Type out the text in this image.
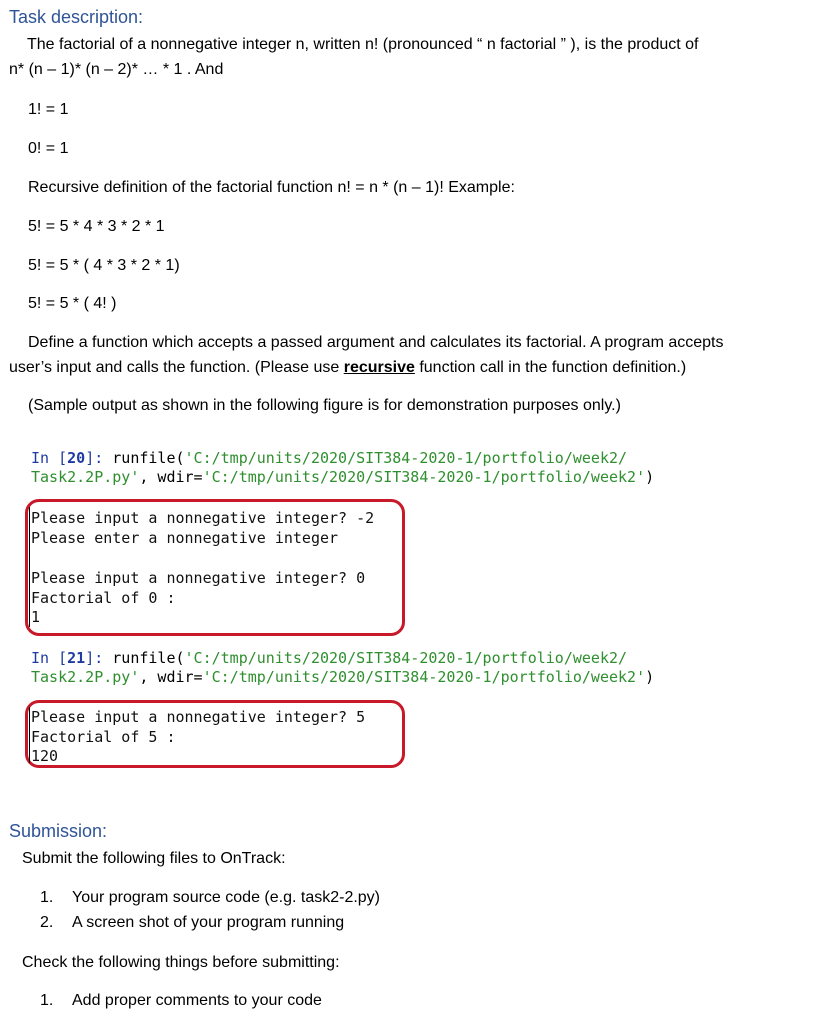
Task description:
The factorial of a nonnegative integer n, written n! (pronounced “ n factorial ” ), is the product of
n* (n – 1)* (n – 2)* … * 1 . And
1! = 1
0! = 1
Recursive definition of the factorial function n! = n * (n – 1)! Example:
5! = 5 * 4 * 3 * 2 * 1
5! = 5 * ( 4 * 3 * 2 * 1)
5! = 5 * ( 4! )
Define a function which accepts a passed argument and calculates its factorial. A program accepts
user’s input and calls the function. (Please use recursive function call in the function definition.)
(Sample output as shown in the following figure is for demonstration purposes only.)
In [20]: runfile('C:/tmp/units/2020/SIT384-2020-1/portfolio/week2/
Task2.2P.py', wdir='C:/tmp/units/2020/SIT384-2020-1/portfolio/week2')
Please input a nonnegative integer? -2
Please enter a nonnegative integer
Please input a nonnegative integer? 0
Factorial of 0 :
1
In [21]: runfile('C:/tmp/units/2020/SIT384-2020-1/portfolio/week2/
Task2.2P.py', wdir='C:/tmp/units/2020/SIT384-2020-1/portfolio/week2')
Please input a nonnegative integer? 5
Factorial of 5 :
120
Submission:
Submit the following files to OnTrack:
1. Your program source code (e.g. task2-2.py)
2. A screen shot of your program running
Check the following things before submitting:
1. Add proper comments to your code
